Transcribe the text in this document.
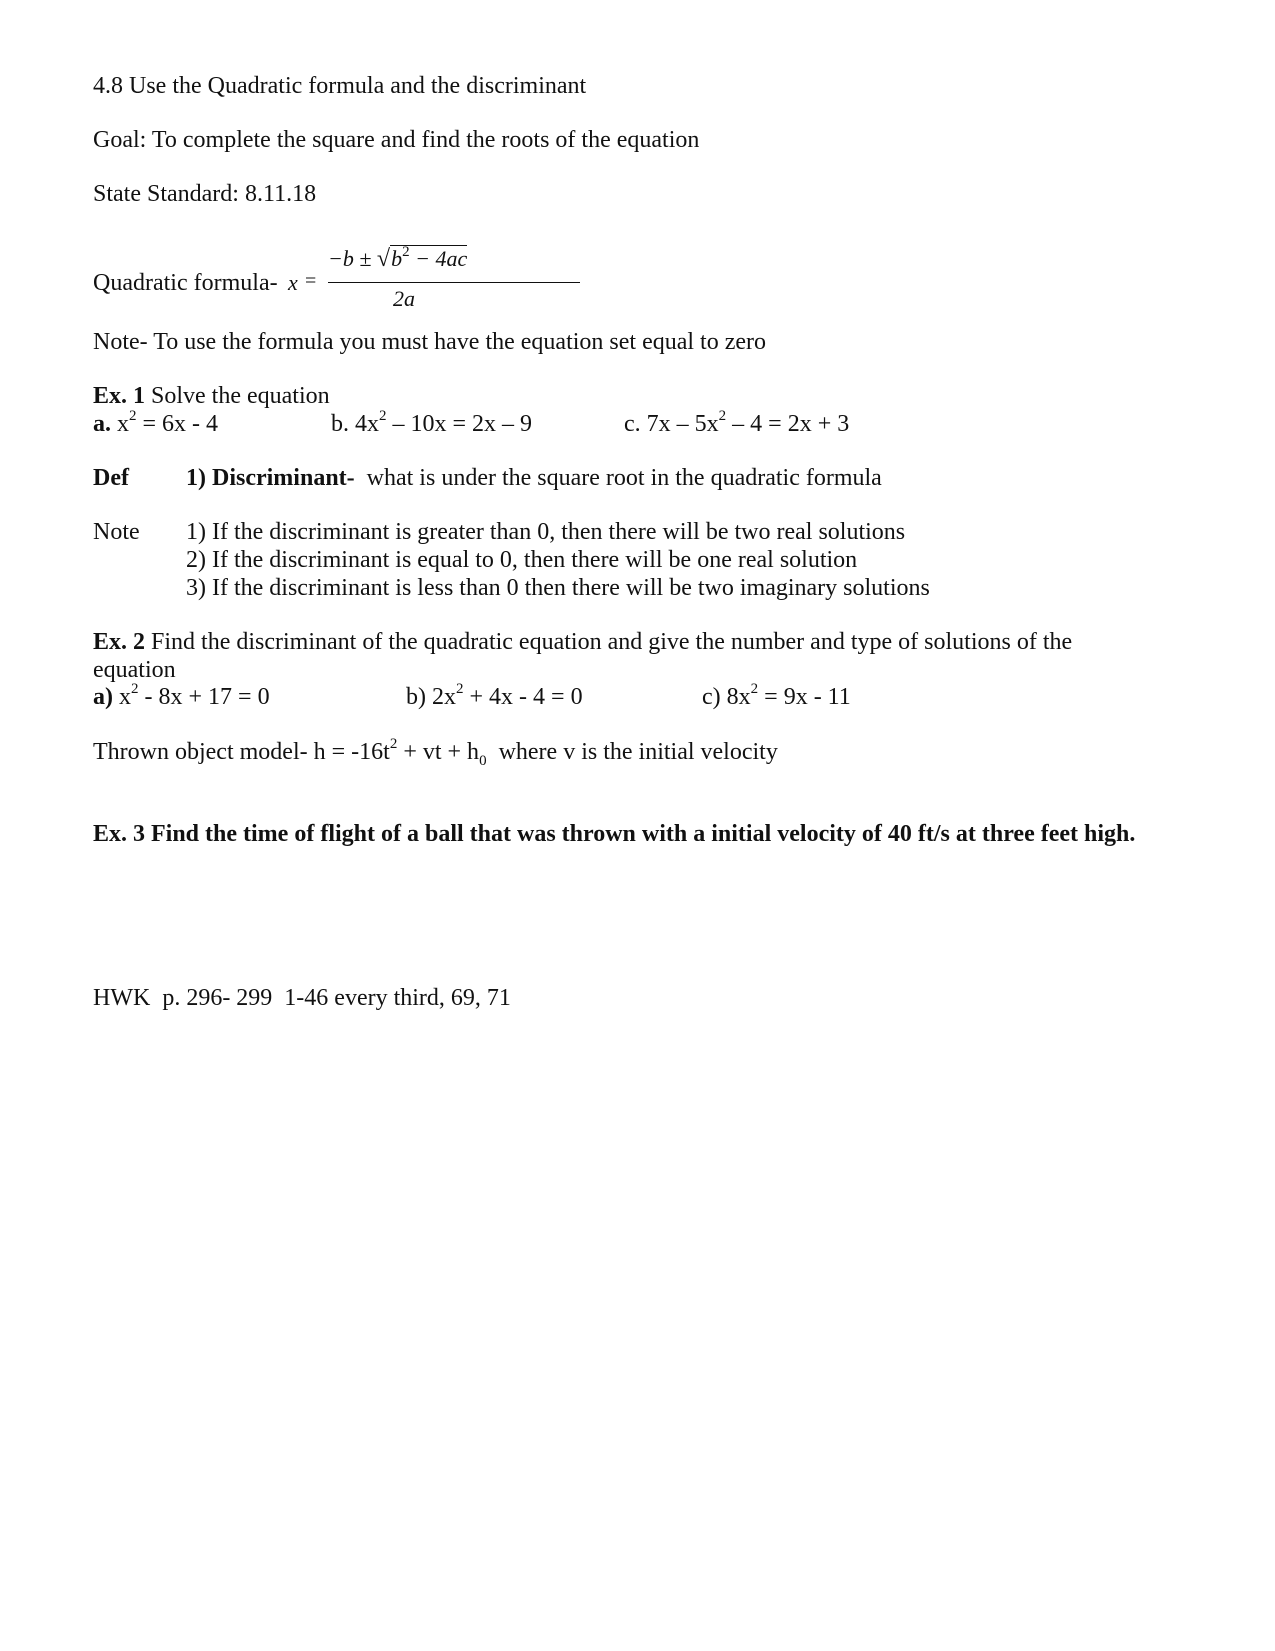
4.8 Use the Quadratic formula and the discriminant
Goal: To complete the square and find the roots of the equation
State Standard: 8.11.18
Quadratic formula- x =
$-b \pm √b^2 - 4ac$
2a
Note- To use the formula you must have the equation set equal to zero
Ex. 1 Solve the equation
a. $x^2 = 6x - 4$	b. $4x^2 - 10x = 2x - 9$	c. $7x - 5x^2 - 4 = 2x + 3$
Def 1) Discriminant-  what is under the square root in the quadratic formula
Note 1) If the discriminant is greater than 0, then there will be two real solutions
2) If the discriminant is equal to 0, then there will be one real solution
3) If the discriminant is less than 0 then there will be two imaginary solutions
Ex. 2 Find the discriminant of the quadratic equation and give the number and type of solutions of the
equation
a) $x^2 - 8x + 17 = 0$	b) $2x^2 + 4x - 4 = 0$	c) $8x^2 = 9x - 11$
Thrown object model- $h = -16t^2$ + vt + $h_0$  where v is the initial velocity
Ex. 3 Find the time of flight of a ball that was thrown with a initial velocity of 40 ft/s at three feet high.
HWK  p. 296- 299  1-46 every third, 69, 71
